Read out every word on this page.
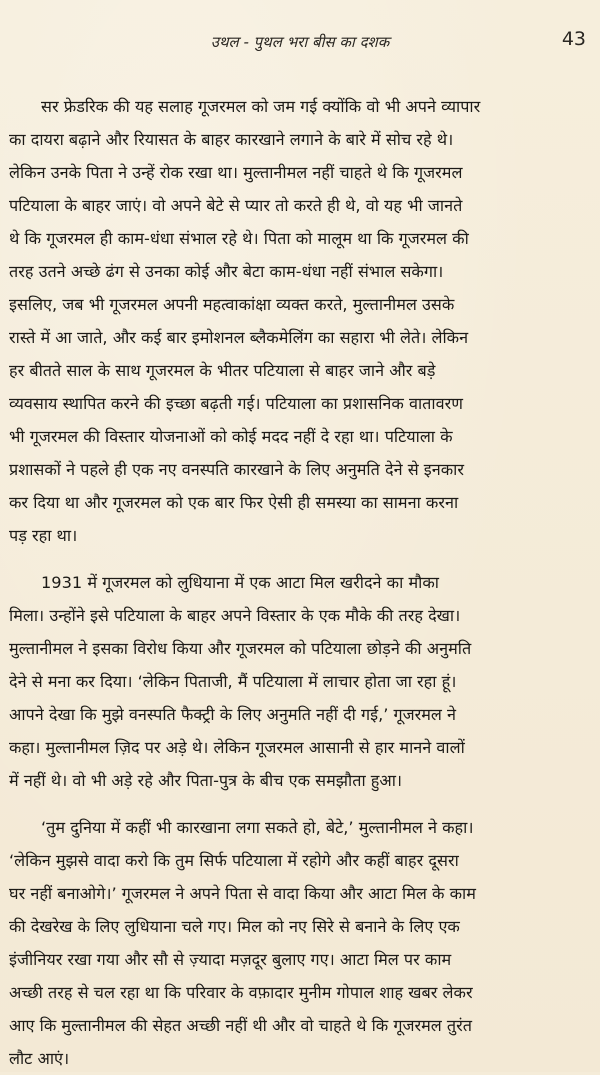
उथल - पुथल भरा बीस का दशक	43
सर फ्रेडरिक की यह सलाह गूजरमल को जम गई क्योंकि वो भी अपने व्यापार
का दायरा बढ़ाने और रियासत के बाहर कारखाने लगाने के बारे में सोच रहे थे।
लेकिन उनके पिता ने उन्हें रोक रखा था। मुल्तानीमल नहीं चाहते थे कि गूजरमल
पटियाला के बाहर जाएं। वो अपने बेटे से प्यार तो करते ही थे, वो यह भी जानते
थे कि गूजरमल ही काम-धंधा संभाल रहे थे। पिता को मालूम था कि गूजरमल की
तरह उतने अच्छे ढंग से उनका कोई और बेटा काम-धंधा नहीं संभाल सकेगा।
इसलिए, जब भी गूजरमल अपनी महत्वाकांक्षा व्यक्त करते, मुल्तानीमल उसके
रास्ते में आ जाते, और कई बार इमोशनल ब्लैकमेलिंग का सहारा भी लेते। लेकिन
हर बीतते साल के साथ गूजरमल के भीतर पटियाला से बाहर जाने और बड़े
व्यवसाय स्थापित करने की इच्छा बढ़ती गई। पटियाला का प्रशासनिक वातावरण
भी गूजरमल की विस्तार योजनाओं को कोई मदद नहीं दे रहा था। पटियाला के
प्रशासकों ने पहले ही एक नए वनस्पति कारखाने के लिए अनुमति देने से इनकार
कर दिया था और गूजरमल को एक बार फिर ऐसी ही समस्या का सामना करना
पड़ रहा था।
1931 में गूजरमल को लुधियाना में एक आटा मिल खरीदने का मौका
मिला। उन्होंने इसे पटियाला के बाहर अपने विस्तार के एक मौके की तरह देखा।
मुल्तानीमल ने इसका विरोध किया और गूजरमल को पटियाला छोड़ने की अनुमति
देने से मना कर दिया। ‘लेकिन पिताजी, मैं पटियाला में लाचार होता जा रहा हूं।
आपने देखा कि मुझे वनस्पति फैक्ट्री के लिए अनुमति नहीं दी गई,’ गूजरमल ने
कहा। मुल्तानीमल ज़िद पर अड़े थे। लेकिन गूजरमल आसानी से हार मानने वालों
में नहीं थे। वो भी अड़े रहे और पिता-पुत्र के बीच एक समझौता हुआ।
‘तुम दुनिया में कहीं भी कारखाना लगा सकते हो, बेटे,’ मुल्तानीमल ने कहा।
‘लेकिन मुझसे वादा करो कि तुम सिर्फ पटियाला में रहोगे और कहीं बाहर दूसरा
घर नहीं बनाओगे।’ गूजरमल ने अपने पिता से वादा किया और आटा मिल के काम
की देखरेख के लिए लुधियाना चले गए। मिल को नए सिरे से बनाने के लिए एक
इंजीनियर रखा गया और सौ से ज़्यादा मज़दूर बुलाए गए। आटा मिल पर काम
अच्छी तरह से चल रहा था कि परिवार के वफ़ादार मुनीम गोपाल शाह खबर लेकर
आए कि मुल्तानीमल की सेहत अच्छी नहीं थी और वो चाहते थे कि गूजरमल तुरंत
लौट आएं।
